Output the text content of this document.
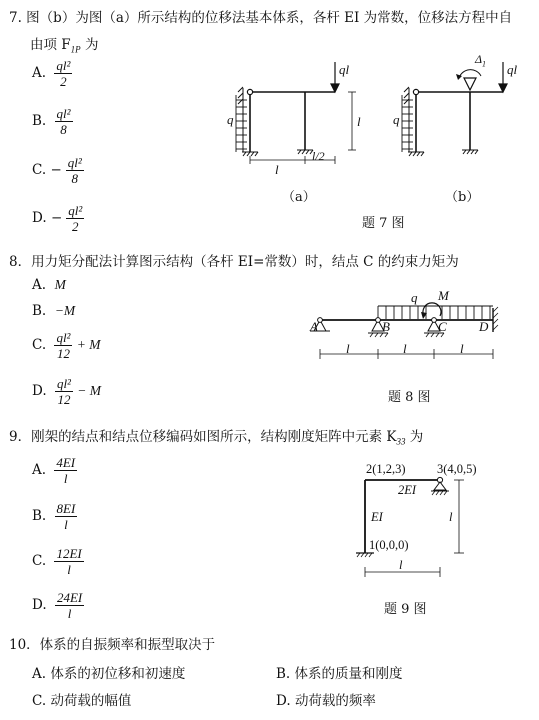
7. 图（b）为图（a）所示结构的位移法基本体系，各杆 EI 为常数，位移法方程中自
由项 $F_{1P}$ 为
A. $\frac{\text{ql²}}{2}$
B. $\frac{\text{ql²}}{8}$
C. − $\frac{\text{ql²}}{8}$
D. − $\frac{\text{ql²}}{2}$
q
ql
l
l
l/2
（a）
q
ql
$\Delta_1$
（b）
题 7 图
8．用力矩分配法计算图示结构（各杆 EI=常数）时，结点 C 的约束力矩为
A. M
B. −M
C. $\frac{\text{ql²}}{12} + M$
D. $\frac{\text{ql²}}{12} - M$
q M
A	B	C D
l	l	l
题 8 图
9．刚架的结点和结点位移编码如图所示，结构刚度矩阵中元素 $K_{33}$ 为
A. $\frac{4EI}{l}$
B. $\frac{8EI}{l}$
C. $\frac{12EI}{l}$
D. $\frac{24EI}{l}$
2(1,2,3)	3(4,0,5)
2EI
EI
1(0,0,0)
l
l
题 9 图
10．体系的自振频率和振型取决于
A. 体系的初位移和初速度	B. 体系的质量和刚度
C. 动荷载的幅值	D. 动荷载的频率
